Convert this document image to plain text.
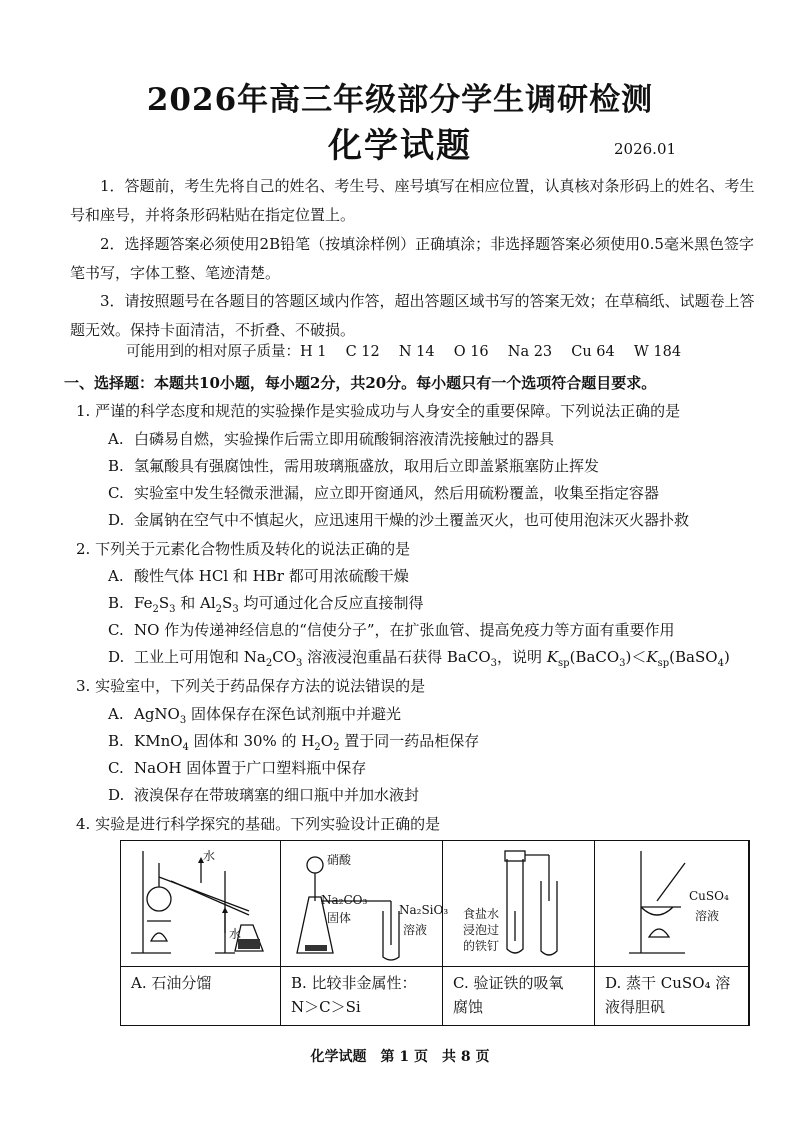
2026年高三年级部分学生调研检测
化学试题	2026.01

1．答题前，考生先将自己的姓名、考生号、座号填写在相应位置，认真核对条形码上的姓名、考生号和座号，并将条形码粘贴在指定位置上。

2．选择题答案必须使用2B铅笔（按填涂样例）正确填涂；非选择题答案必须使用0.5毫米黑色签字笔书写，字体工整、笔迹清楚。

3．请按照题号在各题目的答题区域内作答，超出答题区域书写的答案无效；在草稿纸、试题卷上答题无效。保持卡面清洁，不折叠、不破损。

可能用到的相对原子质量：H 1　 C 12　 N 14　 O 16　 Na 23　 Cu 64　 W 184
一、选择题：本题共10小题，每小题2分，共20分。每小题只有一个选项符合题目要求。
1. 严谨的科学态度和规范的实验操作是实验成功与人身安全的重要保障。下列说法正确的是
A. 白磷易自燃，实验操作后需立即用硫酸铜溶液清洗接触过的器具
B. 氢氟酸具有强腐蚀性，需用玻璃瓶盛放，取用后立即盖紧瓶塞防止挥发
C. 实验室中发生轻微汞泄漏，应立即开窗通风，然后用硫粉覆盖，收集至指定容器
D. 金属钠在空气中不慎起火，应迅速用干燥的沙土覆盖灭火，也可使用泡沫灭火器扑救
2. 下列关于元素化合物性质及转化的说法正确的是
A. 酸性气体 HCl 和 HBr 都可用浓硫酸干燥
B. $Fe_2S_3$ 和 $Al_2S_3$ 均可通过化合反应直接制得
C. NO 作为传递神经信息的“信使分子”，在扩张血管、提高免疫力等方面有重要作用
D. 工业上可用饱和 $Na_2CO_3$ 溶液浸泡重晶石获得 BaCO$_3$，说明 $K_{sp}(BaCO_3)<K_{sp}(BaSO_4)$
3. 实验室中，下列关于药品保存方法的说法错误的是
A. AgNO$_3$ 固体保存在深色试剂瓶中并避光
B. KMnO$_4$ 固体和 30% 的 $H_2O_2$ 置于同一药品柜保存
C. NaOH 固体置于广口塑料瓶中保存
D. 液溴保存在带玻璃塞的细口瓶中并加水液封
4. 实验是进行科学探究的基础。下列实验设计正确的是
水
水
A. 石油分馏
硝酸
Na₂CO₃
固体
Na₂SiO₃
溶液
B. 比较非金属性：
N＞C＞Si
食盐水
浸泡过
的铁钉
C. 验证铁的吸氧
腐蚀
CuSO₄
溶液
D. 蒸干 CuSO₄ 溶
液得胆矾
化学试题　第 1 页　共 8 页
